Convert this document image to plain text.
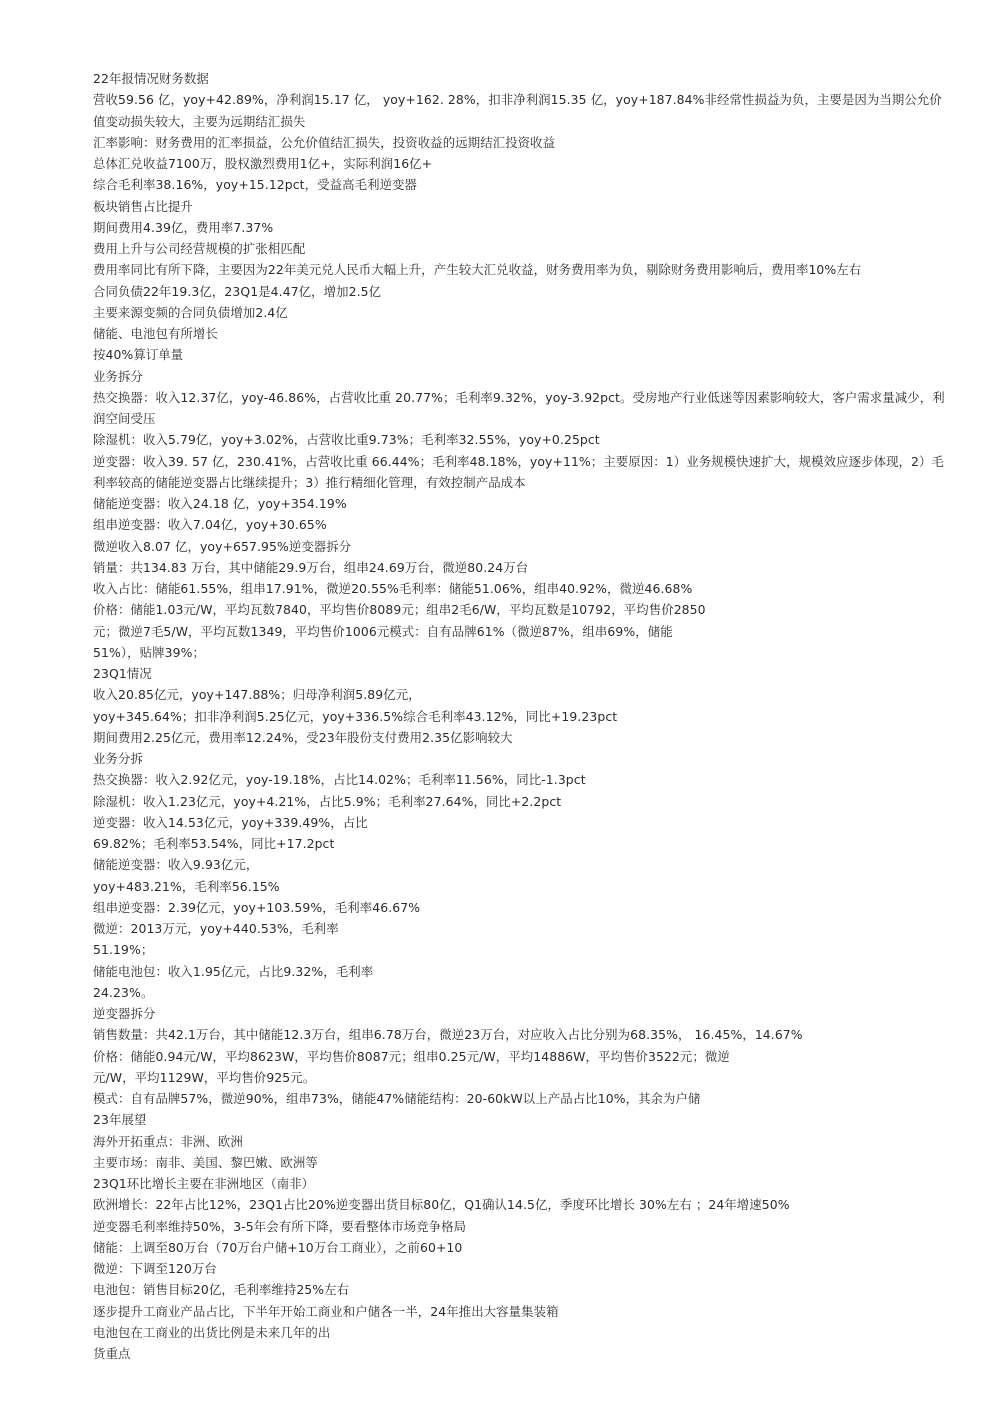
22年报情况财务数据
营收59.56 亿，yoy+42.89%，净利润15.17 亿， yoy+162. 28%，扣非净利润15.35 亿，yoy+187.84%非经常性损益为负，主要是因为当期公允价值变动损失较大，主要为远期结汇损失
汇率影响：财务费用的汇率损益，公允价值结汇损失，投资收益的远期结汇投资收益
总体汇兑收益7100万，股权激烈费用1亿+，实际利润16亿+
综合毛利率38.16%，yoy+15.12pct，受益高毛利逆变器
板块销售占比提升
期间费用4.39亿，费用率7.37%
费用上升与公司经营规模的扩张相匹配
费用率同比有所下降，主要因为22年美元兑人民币大幅上升，产生较大汇兑收益，财务费用率为负，剔除财务费用影响后，费用率10%左右
合同负债22年19.3亿，23Q1是4.47亿，增加2.5亿
主要来源变频的合同负债增加2.4亿
储能、电池包有所增长
按40%算订单量
业务拆分
热交换器：收入12.37亿，yoy-46.86%，占营收比重 20.77%；毛利率9.32%，yoy-3.92pct。受房地产行业低迷等因素影响较大，客户需求量减少，利润空间受压
除湿机：收入5.79亿，yoy+3.02%，占营收比重9.73%；毛利率32.55%，yoy+0.25pct
逆变器：收入39. 57 亿，230.41%，占营收比重 66.44%；毛利率48.18%，yoy+11%；主要原因：1）业务规模快速扩大，规模效应逐步体现，2）毛利率较高的储能逆变器占比继续提升；3）推行精细化管理，有效控制产品成本
储能逆变器：收入24.18 亿，yoy+354.19%
组串逆变器：收入7.04亿，yoy+30.65%
微逆收入8.07 亿，yoy+657.95%逆变器拆分
销量：共134.83 万台，其中储能29.9万台，组串24.69万台，微逆80.24万台
收入占比：储能61.55%，组串17.91%，微逆20.55%毛利率：储能51.06%，组串40.92%，微逆46.68%
价格：储能1.03元/W，平均瓦数7840，平均售价8089元；组串2毛6/W，平均瓦数是10792，平均售价2850
元；微逆7毛5/W，平均瓦数1349，平均售价1006元模式：自有品牌61%（微逆87%，组串69%，储能
51%），贴牌39%；
23Q1情况
收入20.85亿元，yoy+147.88%；归母净利润5.89亿元，
yoy+345.64%；扣非净利润5.25亿元，yoy+336.5%综合毛利率43.12%，同比+19.23pct
期间费用2.25亿元，费用率12.24%，受23年股份支付费用2.35亿影响较大
业务分拆
热交换器：收入2.92亿元，yoy-19.18%，占比14.02%；毛利率11.56%，同比-1.3pct
除湿机：收入1.23亿元，yoy+4.21%，占比5.9%；毛利率27.64%，同比+2.2pct
逆变器：收入14.53亿元，yoy+339.49%，占比
69.82%；毛利率53.54%，同比+17.2pct
储能逆变器：收入9.93亿元，
yoy+483.21%，毛利率56.15%
组串逆变器：2.39亿元，yoy+103.59%，毛利率46.67%
微逆：2013万元，yoy+440.53%，毛利率
51.19%；
储能电池包：收入1.95亿元，占比9.32%，毛利率
24.23%。
逆变器拆分
销售数量：共42.1万台，其中储能12.3万台，组串6.78万台，微逆23万台，对应收入占比分别为68.35%， 16.45%，14.67%
价格：储能0.94元/W，平均8623W，平均售价8087元；组串0.25元/W，平均14886W，平均售价3522元；微逆
元/W，平均1129W，平均售价925元。
模式：自有品牌57%，微逆90%，组串73%，储能47%储能结构：20-60kW以上产品占比10%，其余为户储
23年展望
海外开拓重点：非洲、欧洲
主要市场：南非、美国、黎巴嫩、欧洲等
23Q1环比增长主要在非洲地区（南非）
欧洲增长：22年占比12%，23Q1占比20%逆变器出货目标80亿，Q1确认14.5亿，季度环比增长 30%左右 ；24年增速50%
逆变器毛利率维持50%，3-5年会有所下降，要看整体市场竞争格局
储能：上调至80万台（70万台户储+10万台工商业），之前60+10
微逆：下调至120万台
电池包：销售目标20亿，毛利率维持25%左右
逐步提升工商业产品占比，下半年开始工商业和户储各一半，24年推出大容量集装箱
电池包在工商业的出货比例是未来几年的出
货重点
